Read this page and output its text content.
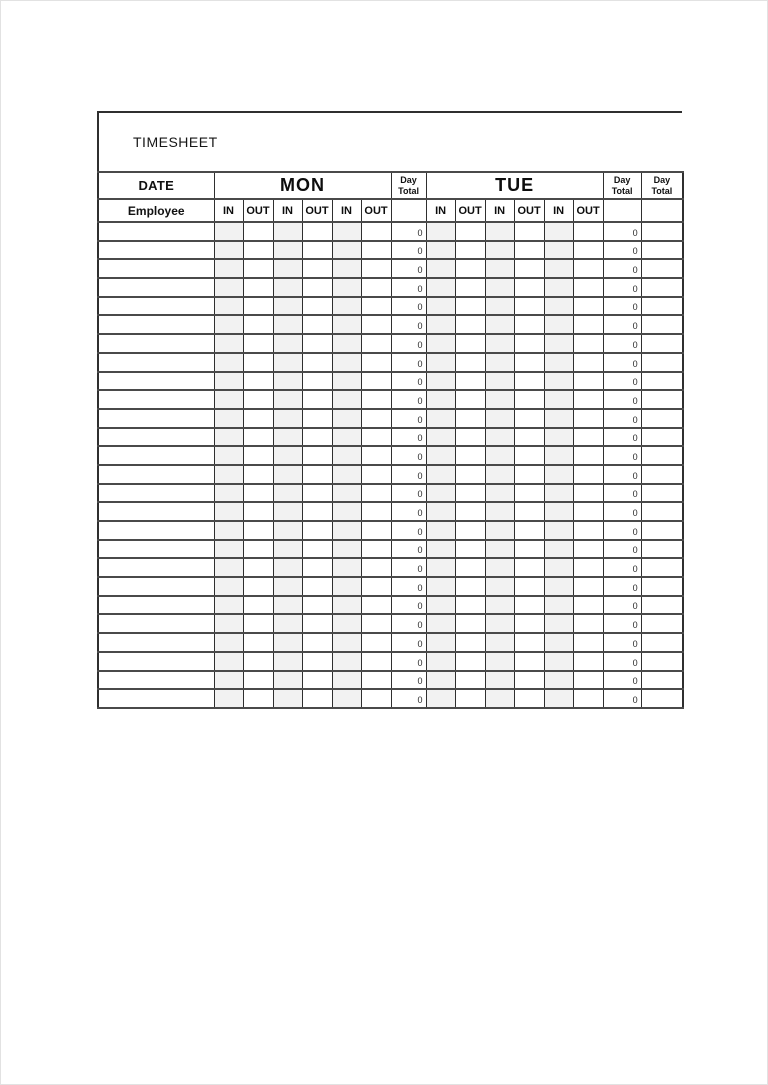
TIMESHEET
DATE	MON						Day Total	TUE						Day Total	Day Total
Employee	IN	OUT	IN	OUT	IN	OUT		IN	OUT	IN	OUT	IN	OUT		
							0							0	
							0							0	
							0							0	
							0							0	
							0							0	
							0							0	
							0							0	
							0							0	
							0							0	
							0							0	
							0							0	
							0							0	
							0							0	
							0							0	
							0							0	
							0							0	
							0							0	
							0							0	
							0							0	
							0							0	
							0							0	
							0							0	
							0							0	
							0							0	
							0							0	
							0							0	
